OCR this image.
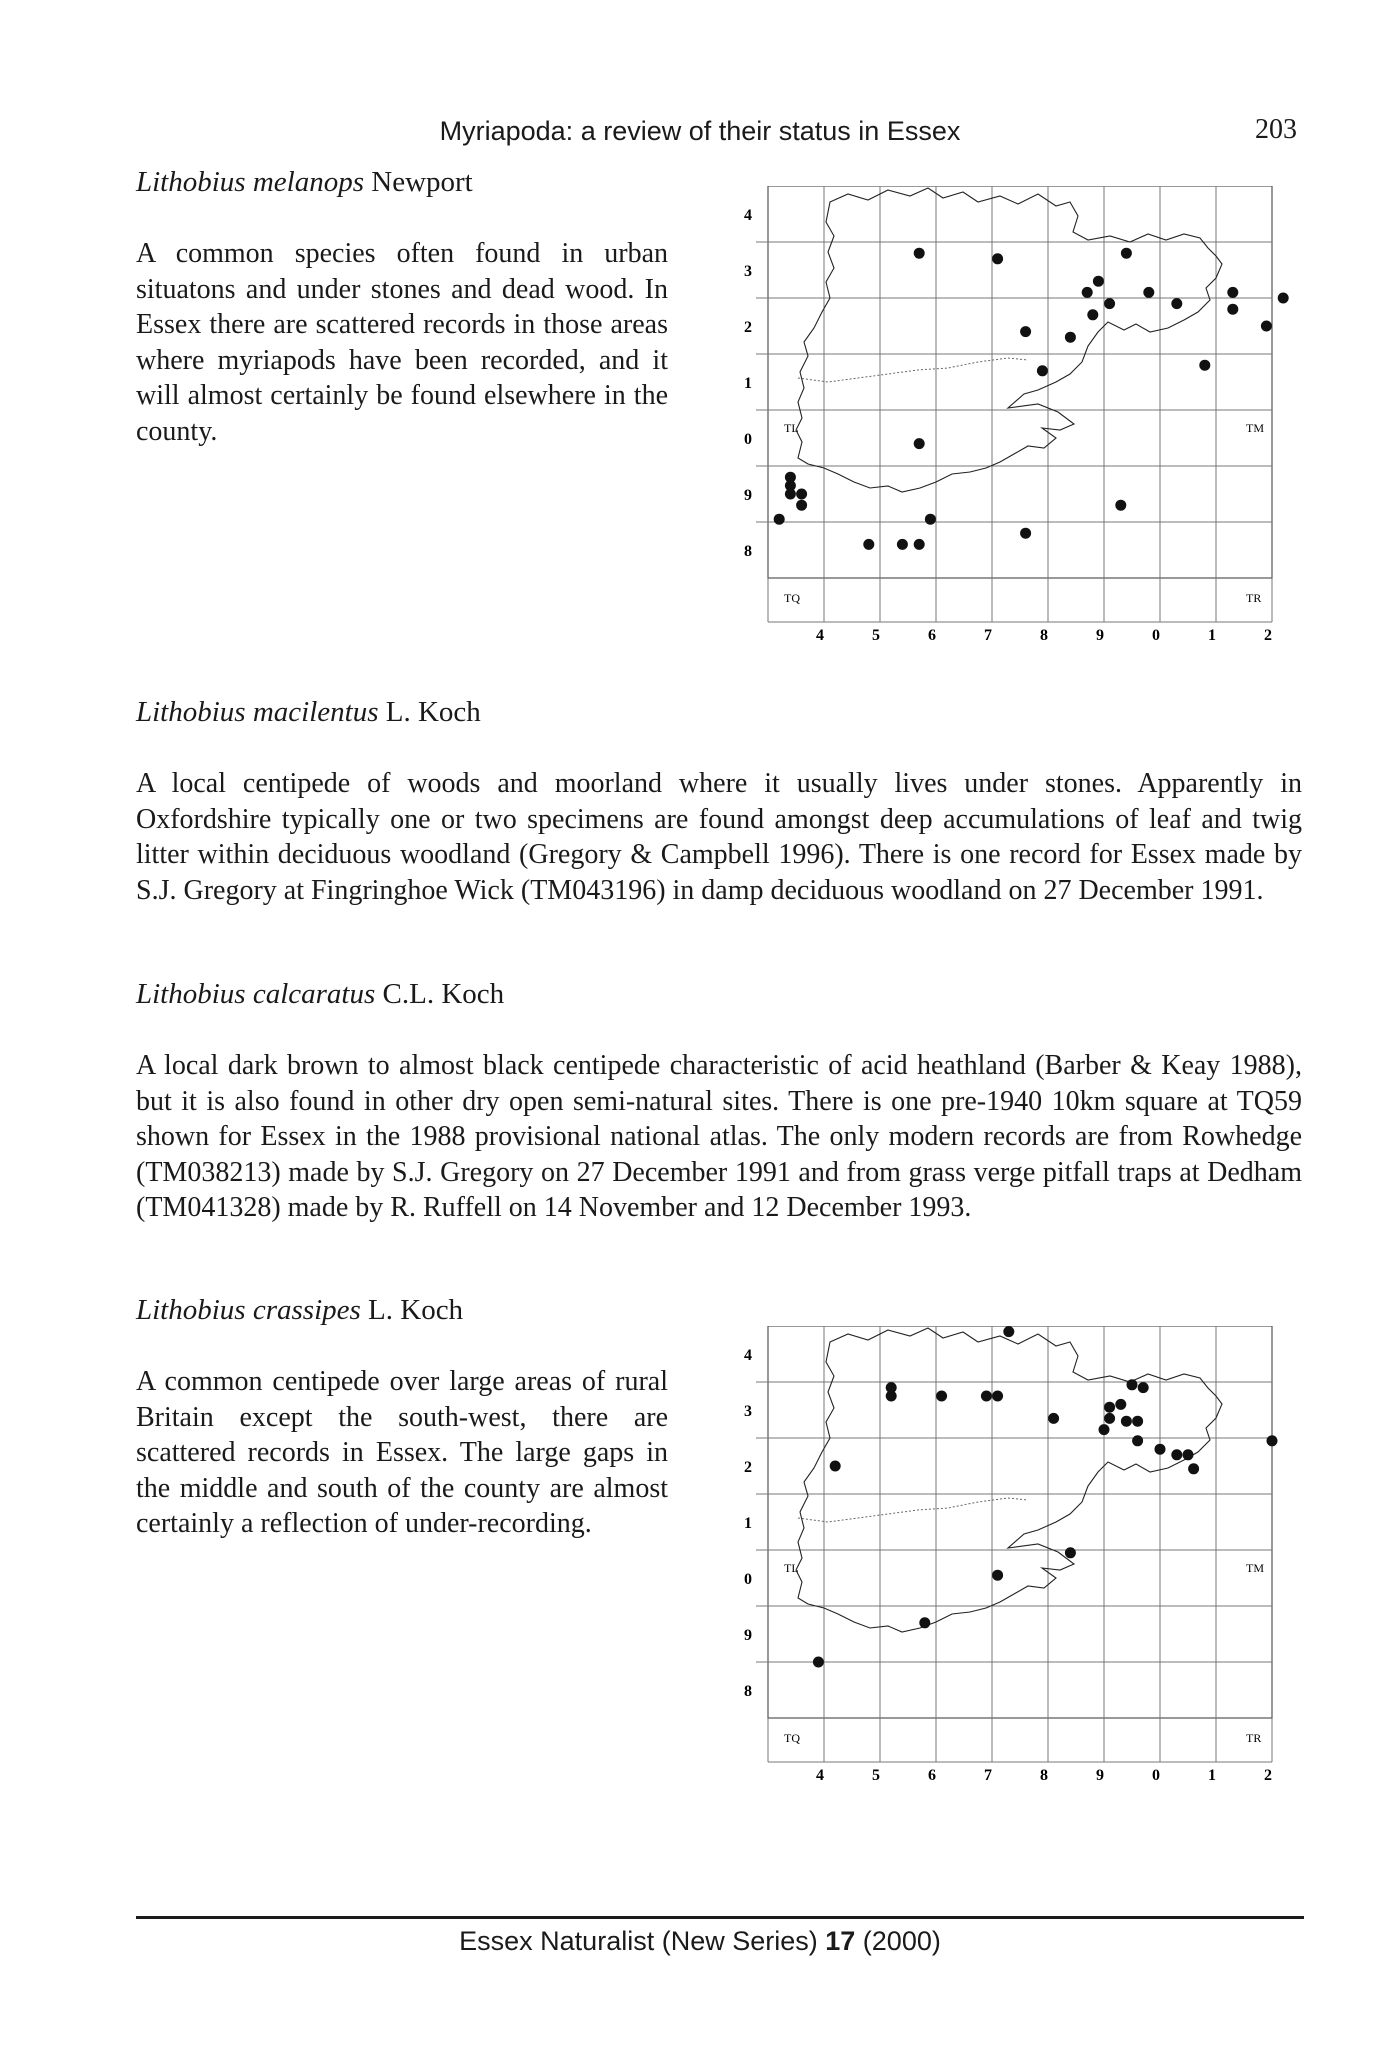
Myriapoda: a review of their status in Essex	203
Lithobius melanops Newport
A common species often found in urban situatons and under stones and dead wood. In Essex there are scattered records in those areas where myriapods have been recorded, and it will almost certainly be found elsewhere in the county.
4
3
2
1
0
9
8
4	5	6	7	8	9	0	1	2
TL	TM
TQ	TR
Lithobius macilentus L. Koch
A local centipede of woods and moorland where it usually lives under stones. Apparently in Oxfordshire typically one or two specimens are found amongst deep accumulations of leaf and twig litter within deciduous woodland (Gregory & Campbell 1996). There is one record for Essex made by S.J. Gregory at Fingringhoe Wick (TM043196) in damp deciduous woodland on 27 December 1991.
Lithobius calcaratus C.L. Koch
A local dark brown to almost black centipede characteristic of acid heathland (Barber & Keay 1988), but it is also found in other dry open semi-natural sites. There is one pre-1940 10km square at TQ59 shown for Essex in the 1988 provisional national atlas. The only modern records are from Rowhedge (TM038213) made by S.J. Gregory on 27 December 1991 and from grass verge pitfall traps at Dedham (TM041328) made by R. Ruffell on 14 November and 12 December 1993.
Lithobius crassipes L. Koch
A common centipede over large areas of rural Britain except the south-west, there are scattered records in Essex. The large gaps in the middle and south of the county are almost certainly a reflection of under-recording.
4
3
2
1
0
9
8
4	5	6	7	8	9	0	1	2
TL	TM
TQ	TR
Essex Naturalist (New Series) 17 (2000)
